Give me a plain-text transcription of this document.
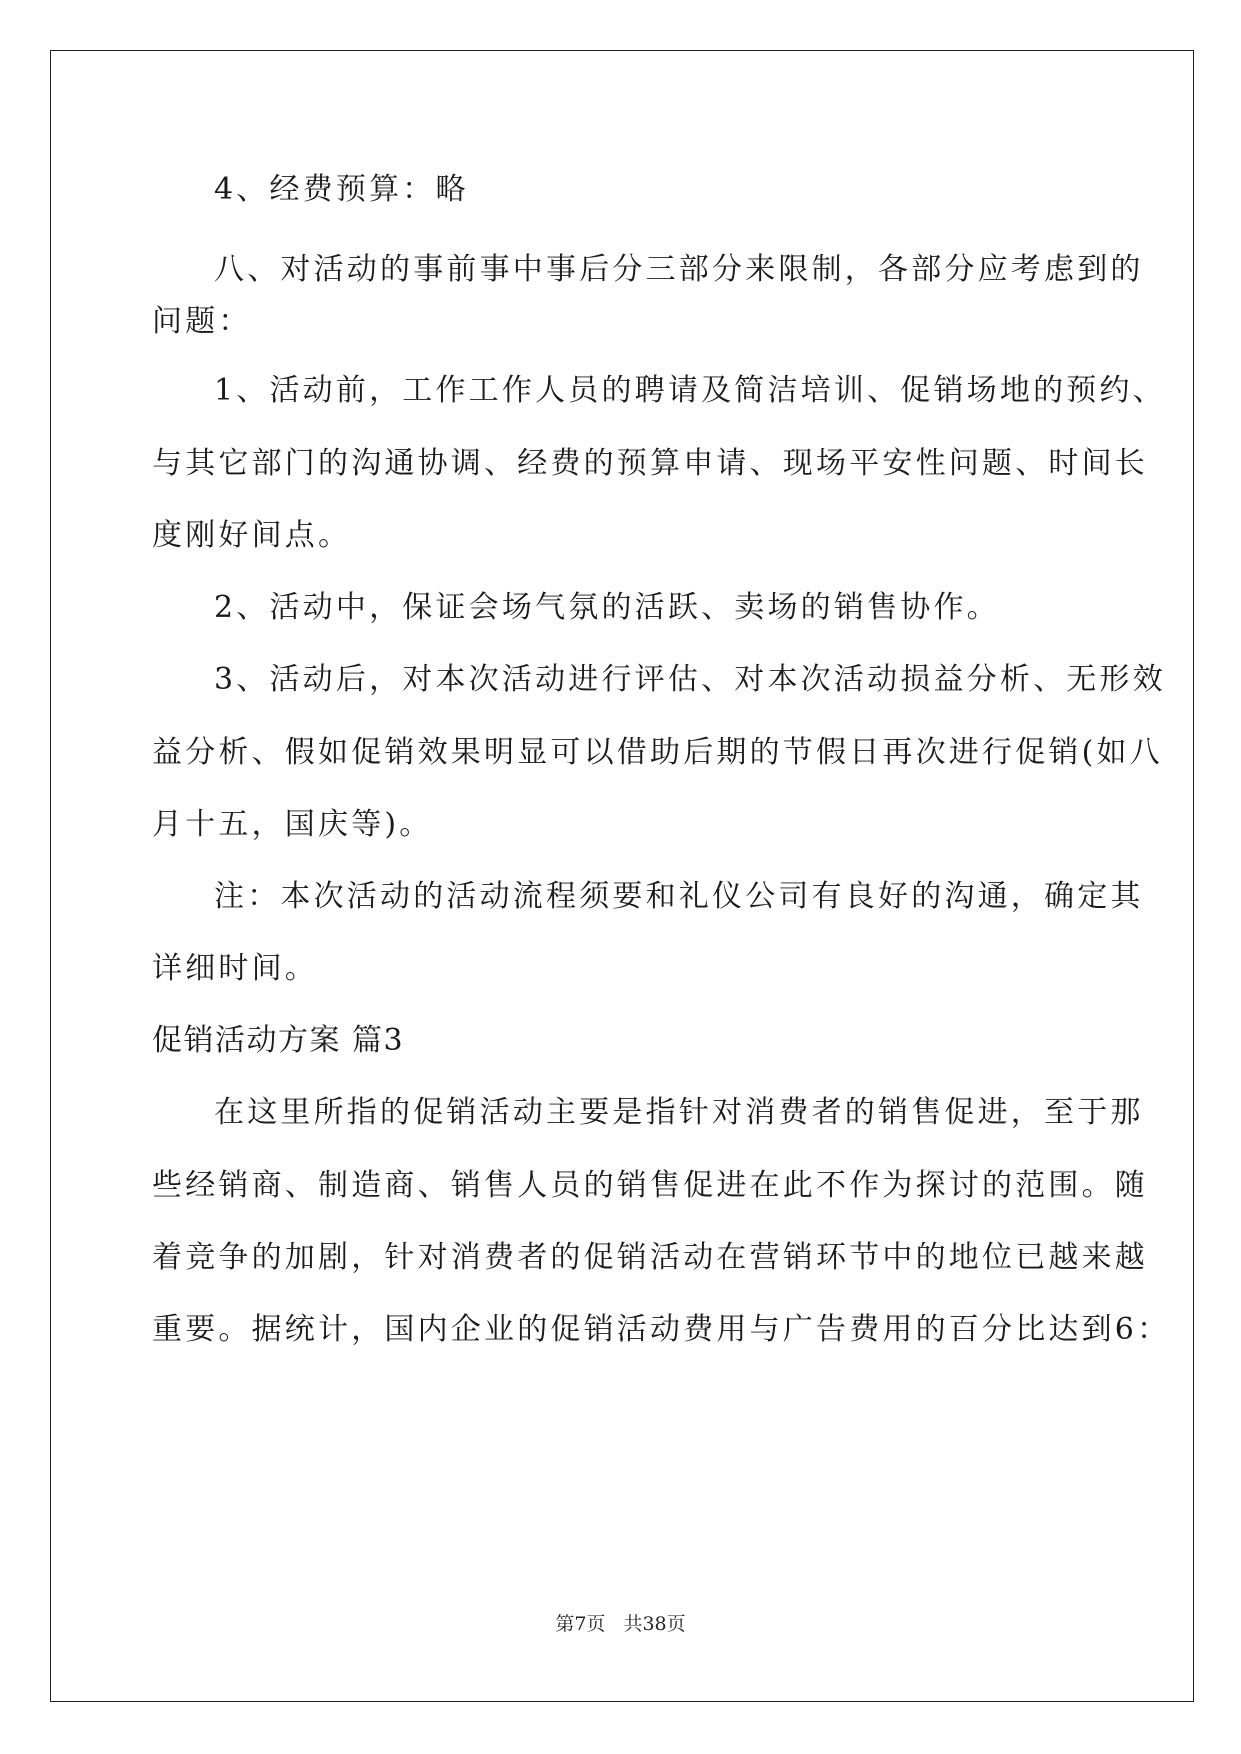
4、经费预算：略
八、对活动的事前事中事后分三部分来限制，各部分应考虑到的
问题：
1、活动前，工作工作人员的聘请及简洁培训、促销场地的预约、
与其它部门的沟通协调、经费的预算申请、现场平安性问题、时间长
度刚好间点。
2、活动中，保证会场气氛的活跃、卖场的销售协作。
3、活动后，对本次活动进行评估、对本次活动损益分析、无形效
益分析、假如促销效果明显可以借助后期的节假日再次进行促销(如八
月十五，国庆等)。
注：本次活动的活动流程须要和礼仪公司有良好的沟通，确定其
详细时间。
促销活动方案 篇3
在这里所指的促销活动主要是指针对消费者的销售促进，至于那
些经销商、制造商、销售人员的销售促进在此不作为探讨的范围。随
着竞争的加剧，针对消费者的促销活动在营销环节中的地位已越来越
重要。据统计，国内企业的促销活动费用与广告费用的百分比达到6：
第7页 共38页
